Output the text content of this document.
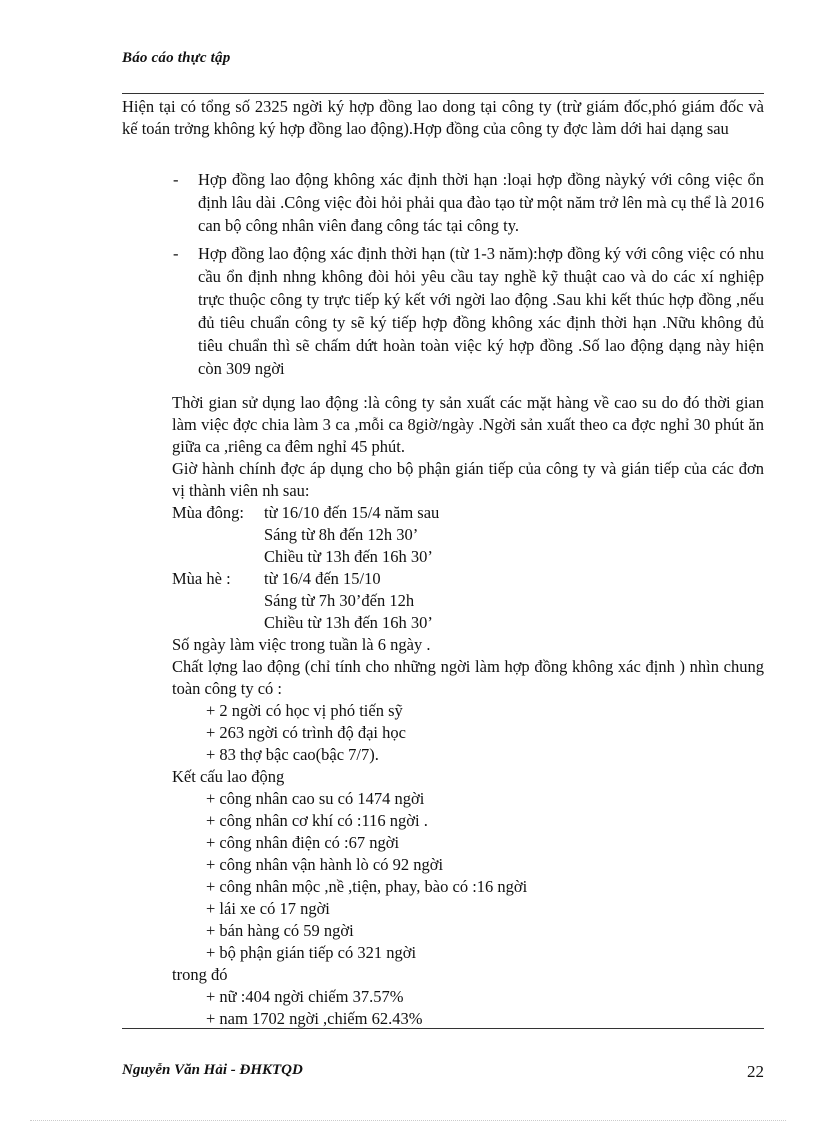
Báo cáo thực tập
Hiện tại có tổng số 2325 ngời ký hợp đồng lao dong tại công ty (trừ giám đốc,phó giám đốc và kế toán trởng không ký hợp đồng lao động).Hợp đồng của công ty đợc làm dới hai dạng sau
- Hợp đồng lao động không xác định thời hạn :loại hợp đồng nàyký với công việc ổn định lâu dài .Công việc đòi hỏi phải qua đào tạo từ một năm trở lên mà cụ thể là 2016 can bộ công nhân viên đang công tác tại công ty.
- Hợp đồng lao động xác định thời hạn (từ 1-3 năm):hợp đồng ký với công việc có nhu cầu ổn định nhng không đòi hỏi yêu cầu tay nghề kỹ thuật cao và do các xí nghiệp trực thuộc công ty trực tiếp ký kết với ngời lao động .Sau khi kết thúc hợp đồng ,nếu đủ tiêu chuẩn công ty sẽ ký tiếp hợp đồng không xác định thời hạn .Nữu không đủ tiêu chuẩn thì sẽ chấm dứt hoàn toàn việc ký hợp đồng .Số lao động dạng này hiện còn 309 ngời
Thời gian sử dụng lao động :là công ty sản xuất các mặt hàng về cao su do đó thời gian làm việc đợc chia làm 3 ca ,mỗi ca 8giờ/ngày .Ngời sản xuất theo ca đợc nghỉ 30 phút ăn giữa ca ,riêng ca đêm nghỉ 45 phút.
Giờ hành chính đợc áp dụng cho bộ phận gián tiếp của công ty và gián tiếp của các đơn vị thành viên nh sau:
Mùa đông:	từ 16/10 đến 15/4 năm sau
Sáng từ 8h đến 12h 30’
Chiều từ 13h đến 16h 30’
Mùa hè :	từ 16/4 đến 15/10
Sáng từ 7h 30’đến 12h
Chiều từ 13h đến 16h 30’
Số ngày làm việc trong tuần là 6 ngày .
Chất lợng lao động (chỉ tính cho những ngời làm hợp đồng không xác định ) nhìn chung toàn công ty có :
+ 2 ngời có học vị phó tiến sỹ
+ 263 ngời có trình độ đại học
+ 83 thợ bậc cao(bậc 7/7).
Kết cấu lao động
+ công nhân cao su có 1474 ngời
+ công nhân cơ khí có :116 ngời .
+ công nhân điện có :67 ngời
+ công nhân vận hành lò có 92 ngời
+ công nhân mộc ,nề ,tiện, phay, bào có :16 ngời
+ lái xe có 17 ngời
+ bán hàng có 59 ngời
+ bộ phận gián tiếp có 321 ngời
trong đó
+ nữ :404 ngời chiếm 37.57%
+ nam 1702 ngời ,chiếm 62.43%
Nguyễn Văn Hải - ĐHKTQD	22
